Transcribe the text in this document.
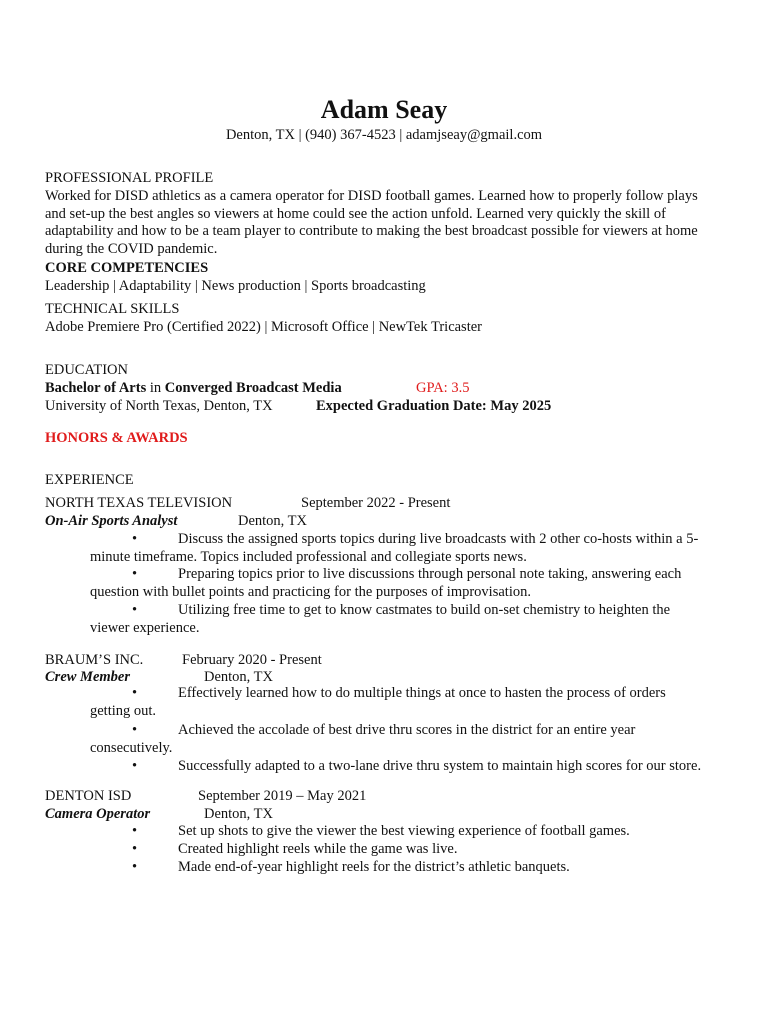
Adam Seay
Denton, TX | (940) 367-4523 | adamjseay@gmail.com
PROFESSIONAL PROFILE
Worked for DISD athletics as a camera operator for DISD football games. Learned how to properly follow plays
and set-up the best angles so viewers at home could see the action unfold. Learned very quickly the skill of
adaptability and how to be a team player to contribute to making the best broadcast possible for viewers at home
during the COVID pandemic.
CORE COMPETENCIES
Leadership | Adaptability | News production | Sports broadcasting
TECHNICAL SKILLS
Adobe Premiere Pro (Certified 2022) | Microsoft Office | NewTek Tricaster
EDUCATION
Bachelor of Arts in Converged Broadcast Media	GPA: 3.5
University of North Texas, Denton, TX	Expected Graduation Date: May 2025
HONORS & AWARDS
EXPERIENCE
NORTH TEXAS TELEVISION	September 2022 - Present
On-Air Sports Analyst	Denton, TX
•	Discuss the assigned sports topics during live broadcasts with 2 other co-hosts within a 5-
minute timeframe. Topics included professional and collegiate sports news.
•	Preparing topics prior to live discussions through personal note taking, answering each
question with bullet points and practicing for the purposes of improvisation.
•	Utilizing free time to get to know castmates to build on-set chemistry to heighten the
viewer experience.
BRAUM’S INC.	February 2020 - Present
Crew Member	Denton, TX
•	Effectively learned how to do multiple things at once to hasten the process of orders
getting out.
•	Achieved the accolade of best drive thru scores in the district for an entire year
consecutively.
•	Successfully adapted to a two-lane drive thru system to maintain high scores for our store.
DENTON ISD	September 2019 – May 2021
Camera Operator	Denton, TX
•	Set up shots to give the viewer the best viewing experience of football games.
•	Created highlight reels while the game was live.
•	Made end-of-year highlight reels for the district’s athletic banquets.
